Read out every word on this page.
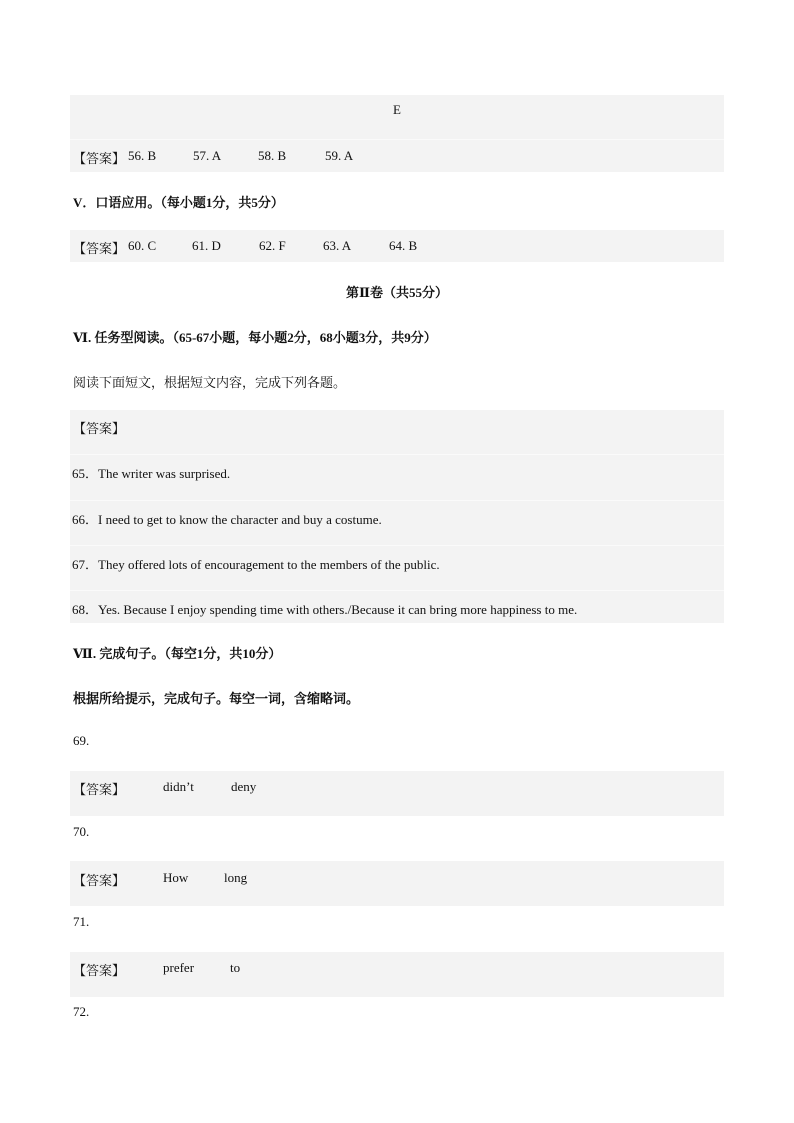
E
【答案】 56. B	57. A	58. B	59. A
V．口语应用。（每小题1分，共5分）
【答案】 60. C	61. D	62. F	63. A	64. B
第Ⅱ卷（共55分）
Ⅵ. 任务型阅读。（65-67小题，每小题2分，68小题3分，共9分）
阅读下面短文，根据短文内容，完成下列各题。
【答案】
65．The writer was surprised.
66．I need to get to know the character and buy a costume.
67．They offered lots of encouragement to the members of the public.
68．Yes. Because I enjoy spending time with others./Because it can bring more happiness to me.
Ⅶ. 完成句子。（每空1分，共10分）
根据所给提示，完成句子。每空一词，含缩略词。
69.
【答案】	didn’t	deny
70.
【答案】	How	long
71.
【答案】	prefer	to
72.
